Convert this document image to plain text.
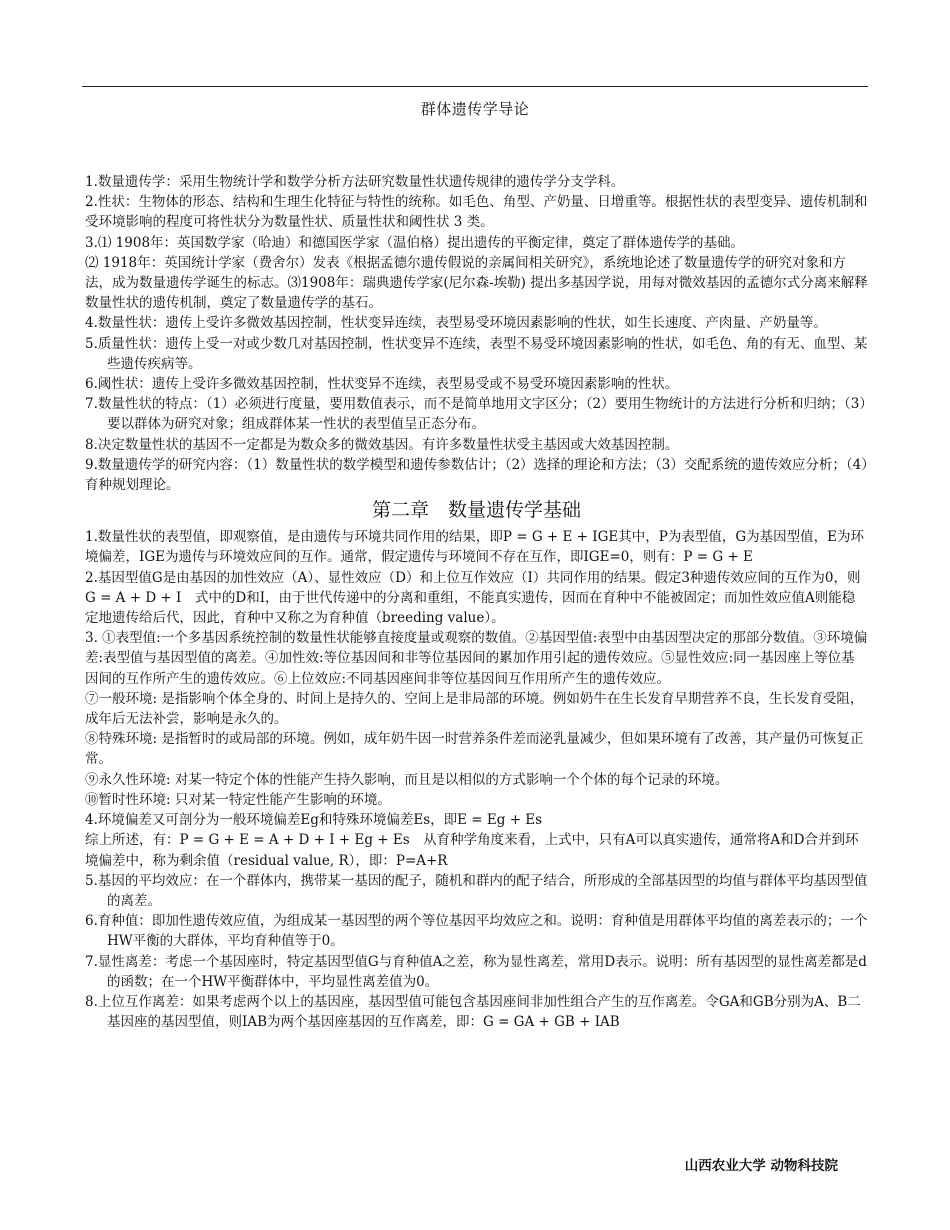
群体遗传学导论

1.数量遗传学：采用生物统计学和数学分析方法研究数量性状遗传规律的遗传学分支学科。

2.性状：生物体的形态、结构和生理生化特征与特性的统称。如毛色、角型、产奶量、日增重等。根据性状的表型变异、遗传机制和受环境影响的程度可将性状分为数量性状、质量性状和阈性状 3 类。

3.⑴ 1908年：英国数学家（哈迪）和德国医学家（温伯格）提出遗传的平衡定律，奠定了群体遗传学的基础。

⑵ 1918年：英国统计学家（费舍尔）发表《根据孟德尔遗传假说的亲属间相关研究》，系统地论述了数量遗传学的研究对象和方法，成为数量遗传学诞生的标志。⑶1908年：瑞典遗传学家(尼尔森-埃勒) 提出多基因学说，用每对微效基因的孟德尔式分离来解释数量性状的遗传机制，奠定了数量遗传学的基石。

4.数量性状：遗传上受许多微效基因控制，性状变异连续，表型易受环境因素影响的性状，如生长速度、产肉量、产奶量等。

5.质量性状：遗传上受一对或少数几对基因控制，性状变异不连续，表型不易受环境因素影响的性状，如毛色、角的有无、血型、某些遗传疾病等。

6.阈性状：遗传上受许多微效基因控制，性状变异不连续，表型易受或不易受环境因素影响的性状。

7.数量性状的特点：（1）必须进行度量，要用数值表示，而不是简单地用文字区分；（2）要用生物统计的方法进行分析和归纳；（3）要以群体为研究对象；组成群体某一性状的表型值呈正态分布。

8.决定数量性状的基因不一定都是为数众多的微效基因。有许多数量性状受主基因或大效基因控制。

9.数量遗传学的研究内容：（1）数量性状的数学模型和遗传参数估计；（2）选择的理论和方法；（3）交配系统的遗传效应分析；（4）育种规划理论。

第二章　数量遗传学基础

1.数量性状的表型值，即观察值，是由遗传与环境共同作用的结果，即P = G + E + IGE其中，P为表型值，G为基因型值，E为环境偏差，IGE为遗传与环境效应间的互作。通常，假定遗传与环境间不存在互作，即IGE=0，则有：P = G + E

2.基因型值G是由基因的加性效应（A）、显性效应（D）和上位互作效应（I）共同作用的结果。假定3种遗传效应间的互作为0，则G = A + D + I　式中的D和I，由于世代传递中的分离和重组，不能真实遗传，因而在育种中不能被固定；而加性效应值A则能稳定地遗传给后代，因此，育种中又称之为育种值（breeding value）。

3. ①表型值:一个多基因系统控制的数量性状能够直接度量或观察的数值。②基因型值:表型中由基因型决定的那部分数值。③环境偏差:表型值与基因型值的离差。④加性效:等位基因间和非等位基因间的累加作用引起的遗传效应。⑤显性效应:同一基因座上等位基因间的互作所产生的遗传效应。⑥上位效应:不同基因座间非等位基因间互作用所产生的遗传效应。

⑦一般环境: 是指影响个体全身的、时间上是持久的、空间上是非局部的环境。例如奶牛在生长发育早期营养不良，生长发育受阻，成年后无法补尝，影响是永久的。

⑧特殊环境: 是指暂时的或局部的环境。例如，成年奶牛因一时营养条件差而泌乳量减少，但如果环境有了改善，其产量仍可恢复正常。

⑨永久性环境: 对某一特定个体的性能产生持久影响，而且是以相似的方式影响一个个体的每个记录的环境。

⑩暂时性环境: 只对某一特定性能产生影响的环境。

4.环境偏差又可剖分为一般环境偏差Eg和特殊环境偏差Es，即E = Eg + Es

综上所述，有：P = G + E = A + D + I + Eg + Es　从育种学角度来看，上式中，只有A可以真实遗传，通常将A和D合并到环境偏差中，称为剩余值（residual value, R），即：P=A+R

5.基因的平均效应：在一个群体内，携带某一基因的配子，随机和群内的配子结合，所形成的全部基因型的均值与群体平均基因型值的离差。

6.育种值：即加性遗传效应值，为组成某一基因型的两个等位基因平均效应之和。说明：育种值是用群体平均值的离差表示的；一个HW平衡的大群体，平均育种值等于0。

7.显性离差：考虑一个基因座时，特定基因型值G与育种值A之差，称为显性离差，常用D表示。说明：所有基因型的显性离差都是d 的函数；在一个HW平衡群体中，平均显性离差值为0。

8.上位互作离差：如果考虑两个以上的基因座，基因型值可能包含基因座间非加性组合产生的互作离差。令GA和GB分别为A、B二基因座的基因型值，则IAB为两个基因座基因的互作离差，即：G = GA + GB + IAB

山西农业大学 动物科技院
